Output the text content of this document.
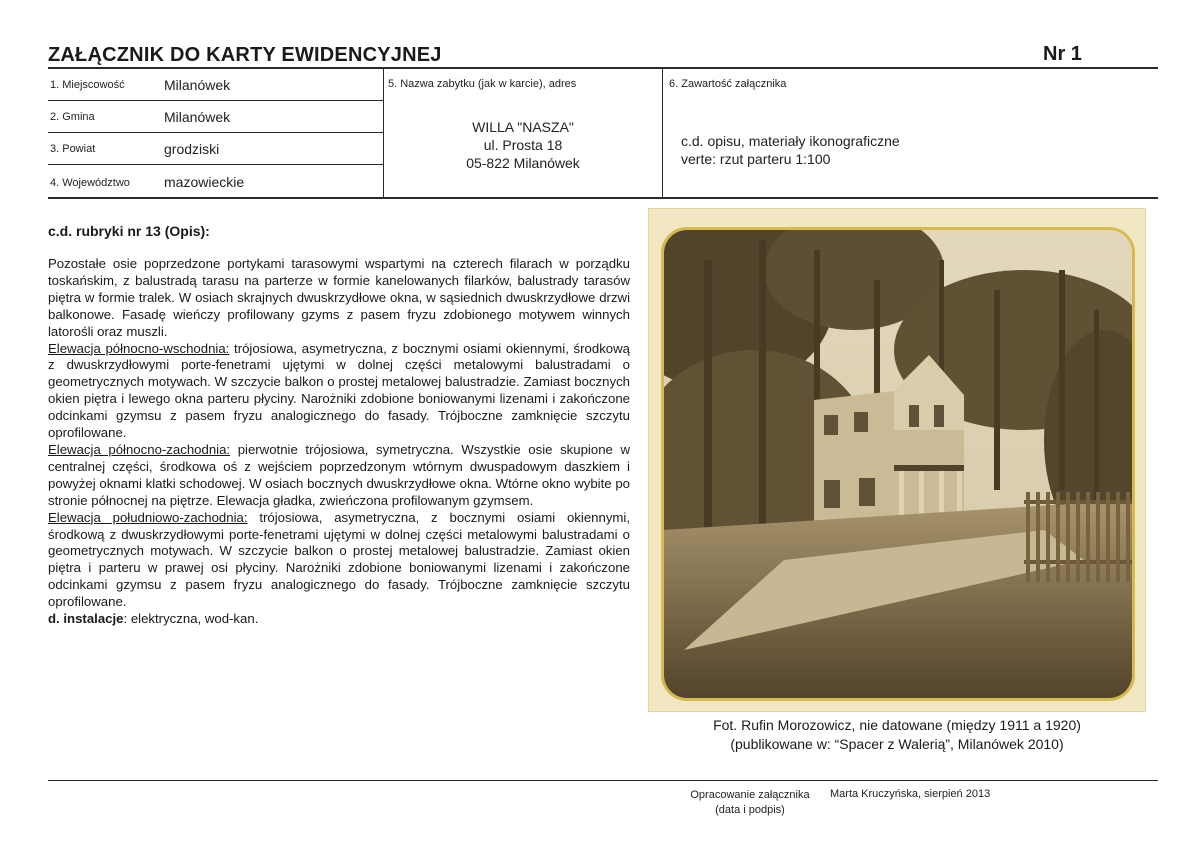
ZAŁĄCZNIK DO KARTY EWIDENCYJNEJ	Nr 1
1. Miejscowość	Milanówek
2. Gmina	Milanówek
3. Powiat	grodziski
4. Województwo mazowieckie
5. Nazwa zabytku (jak w karcie), adres
WILLA "NASZA"
ul. Prosta 18
05-822 Milanówek
6. Zawartość załącznika
c.d. opisu, materiały ikonograficzne
verte: rzut parteru 1:100
c.d. rubryki nr 13 (Opis):

Pozostałe osie poprzedzone portykami tarasowymi wspartymi na czterech filarach w porządku toskańskim, z balustradą tarasu na parterze w formie kanelowanych filarków, balustrady tarasów piętra w formie tralek. W osiach skrajnych dwuskrzydłowe okna, w sąsiednich dwuskrzydłowe drzwi balkonowe. Fasadę wieńczy profilowany gzyms z pasem fryzu zdobionego motywem winnych latorośli oraz muszli.

Elewacja północno-wschodnia: trójosiowa, asymetryczna, z bocznymi osiami okiennymi, środkową z dwuskrzydłowymi porte-fenetrami ujętymi w dolnej części metalowymi balustradami o geometrycznych motywach. W szczycie balkon o prostej metalowej balustradzie. Zamiast bocznych okien piętra i lewego okna parteru płyciny. Narożniki zdobione boniowanymi lizenami i zakończone odcinkami gzymsu z pasem fryzu analogicznego do fasady. Trójboczne zamknięcie szczytu oprofilowane.

Elewacja północno-zachodnia: pierwotnie trójosiowa, symetryczna. Wszystkie osie skupione w centralnej części, środkowa oś z wejściem poprzedzonym wtórnym dwuspadowym daszkiem i powyżej oknami klatki schodowej. W osiach bocznych dwuskrzydłowe okna. Wtórne okno wybite po stronie północnej na piętrze. Elewacja gładka, zwieńczona profilowanym gzymsem.

Elewacja południowo-zachodnia: trójosiowa, asymetryczna, z bocznymi osiami okiennymi, środkową z dwuskrzydłowymi porte-fenetrami ujętymi w dolnej części metalowymi balustradami o geometrycznych motywach. W szczycie balkon o prostej metalowej balustradzie. Zamiast okien piętra i parteru w prawej osi płyciny. Narożniki zdobione boniowanymi lizenami i zakończone odcinkami gzymsu z pasem fryzu analogicznego do fasady. Trójboczne zamknięcie szczytu oprofilowane.

d. instalacje: elektryczna, wod-kan.

Fot. Rufin Morozowicz, nie datowane (między 1911 a 1920)
(publikowane w: “Spacer z Walerią”, Milanówek 2010)
Opracowanie załącznika
(data i podpis)
Marta Kruczyńska, sierpień 2013
